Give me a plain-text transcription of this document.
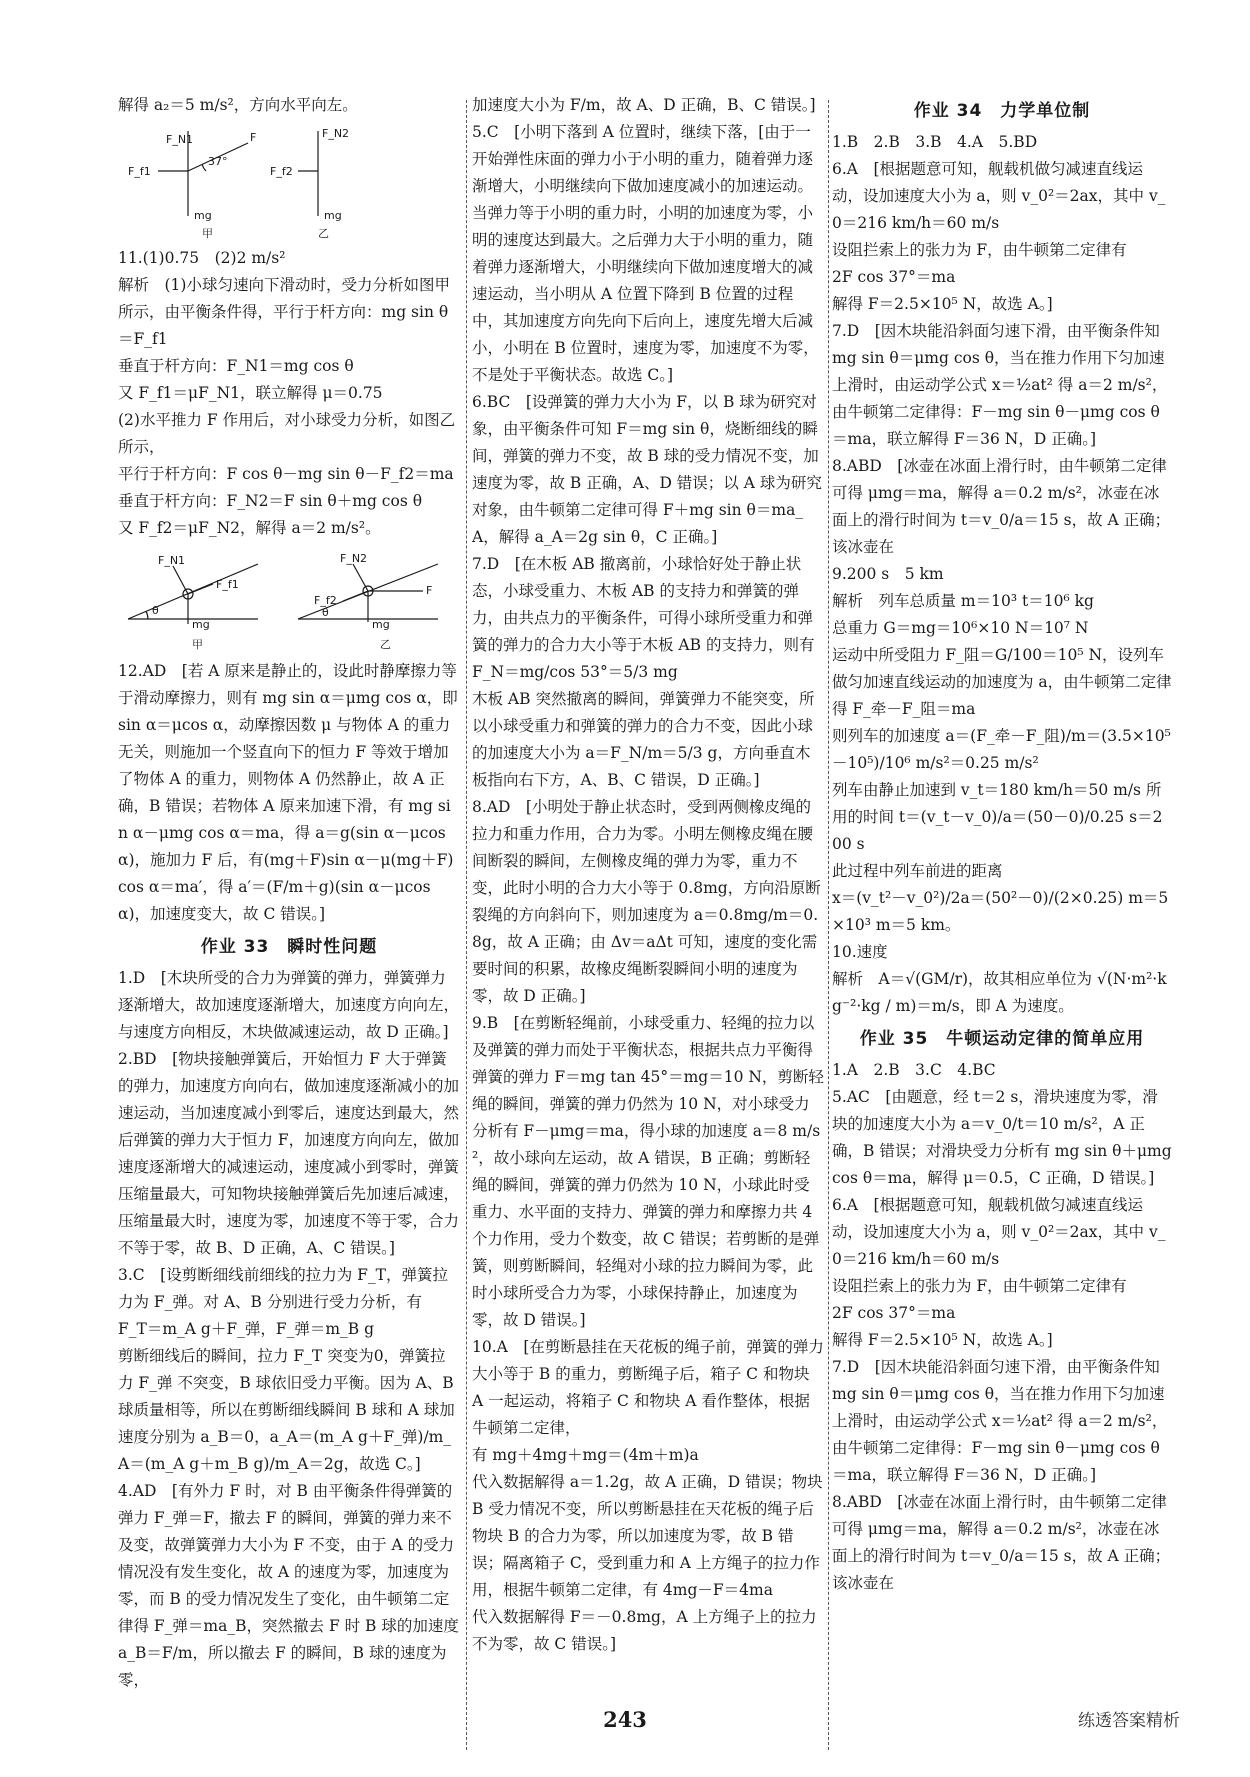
解得 a₂＝5 m/s²，方向水平向左。

F_N1	F
F_f1
37°
mg
甲
F_N2
F_f2
mg
乙

11.(1)0.75　(2)2 m/s²

解析　(1)小球匀速向下滑动时，受力分析如图甲所示，由平衡条件得，平行于杆方向：mg sin θ＝F_f1
垂直于杆方向：F_N1＝mg cos θ
又 F_f1＝μF_N1，联立解得 μ＝0.75
(2)水平推力 F 作用后，对小球受力分析，如图乙所示，
平行于杆方向：F cos θ－mg sin θ－F_f2＝ma
垂直于杆方向：F_N2＝F sin θ＋mg cos θ
又 F_f2＝μF_N2，解得 a＝2 m/s²。

F_N1
F_f1
θ
mg
甲
F_N2
F
F_f2
θ
mg
乙

12.AD　[若 A 原来是静止的，设此时静摩擦力等于滑动摩擦力，则有 mg sin α＝μmg cos α，即 sin α＝μcos α，动摩擦因数 μ 与物体 A 的重力无关，则施加一个竖直向下的恒力 F 等效于增加了物体 A 的重力，则物体 A 仍然静止，故 A 正确，B 错误；若物体 A 原来加速下滑，有 mg sin α－μmg cos α＝ma，得 a＝g(sin α－μcos α)，施加力 F 后，有(mg＋F)sin α－μ(mg＋F)cos α＝ma′，得 a′＝(F/m＋g)(sin α－μcos α)，加速度变大，故 C 错误。]

作业 33　瞬时性问题

1.D　[木块所受的合力为弹簧的弹力，弹簧弹力逐渐增大，故加速度逐渐增大，加速度方向向左，与速度方向相反，木块做减速运动，故 D 正确。]

2.BD　[物块接触弹簧后，开始恒力 F 大于弹簧的弹力，加速度方向向右，做加速度逐渐减小的加速运动，当加速度减小到零后，速度达到最大，然后弹簧的弹力大于恒力 F，加速度方向向左，做加速度逐渐增大的减速运动，速度减小到零时，弹簧压缩量最大，可知物块接触弹簧后先加速后减速，压缩量最大时，速度为零，加速度不等于零，合力不等于零，故 B、D 正确，A、C 错误。]

3.C　[设剪断细线前细线的拉力为 F_T，弹簧拉力为 F_弹。对 A、B 分别进行受力分析，有
F_T＝m_A g＋F_弹，F_弹＝m_B g
剪断细线后的瞬间，拉力 F_T 突变为0，弹簧拉力 F_弹 不突变，B 球依旧受力平衡。因为 A、B 球质量相等，所以在剪断细线瞬间 B 球和 A 球加速度分别为 a_B＝0，a_A＝(m_A g＋F_弹)/m_A＝(m_A g＋m_B g)/m_A＝2g，故选 C。]

4.AD　[有外力 F 时，对 B 由平衡条件得弹簧的弹力 F_弹＝F，撤去 F 的瞬间，弹簧的弹力来不及变，故弹簧弹力大小为 F 不变，由于 A 的受力情况没有发生变化，故 A 的速度为零，加速度为零，而 B 的受力情况发生了变化，由牛顿第二定律得 F_弹＝ma_B，突然撤去 F 时 B 球的加速度 a_B＝F/m，所以撤去 F 的瞬间，B 球的速度为零，

加速度大小为 F/m，故 A、D 正确，B、C 错误。]

5.C　[小明下落到 A 位置时，继续下落，[由于一开始弹性床面的弹力小于小明的重力，随着弹力逐渐增大，小明继续向下做加速度减小的加速运动。当弹力等于小明的重力时，小明的加速度为零，小明的速度达到最大。之后弹力大于小明的重力，随着弹力逐渐增大，小明继续向下做加速度增大的减速运动，当小明从 A 位置下降到 B 位置的过程中，其加速度方向先向下后向上，速度先增大后减小，小明在 B 位置时，速度为零，加速度不为零，不是处于平衡状态。故选 C。]

6.BC　[设弹簧的弹力大小为 F，以 B 球为研究对象，由平衡条件可知 F＝mg sin θ，烧断细线的瞬间，弹簧的弹力不变，故 B 球的受力情况不变，加速度为零，故 B 正确，A、D 错误；以 A 球为研究对象，由牛顿第二定律可得 F＋mg sin θ＝ma_A，解得 a_A＝2g sin θ，C 正确。]

7.D　[在木板 AB 撤离前，小球恰好处于静止状态，小球受重力、木板 AB 的支持力和弹簧的弹力，由共点力的平衡条件，可得小球所受重力和弹簧的弹力的合力大小等于木板 AB 的支持力，则有 F_N＝mg/cos 53°＝5/3 mg
木板 AB 突然撤离的瞬间，弹簧弹力不能突变，所以小球受重力和弹簧的弹力的合力不变，因此小球的加速度大小为 a＝F_N/m＝5/3 g，方向垂直木板指向右下方，A、B、C 错误，D 正确。]

8.AD　[小明处于静止状态时，受到两侧橡皮绳的拉力和重力作用，合力为零。小明左侧橡皮绳在腰间断裂的瞬间，左侧橡皮绳的弹力为零，重力不变，此时小明的合力大小等于 0.8mg，方向沿原断裂绳的方向斜向下，则加速度为 a＝0.8mg/m＝0.8g，故 A 正确；由 Δv＝aΔt 可知，速度的变化需要时间的积累，故橡皮绳断裂瞬间小明的速度为零，故 D 正确。]

9.B　[在剪断轻绳前，小球受重力、轻绳的拉力以及弹簧的弹力而处于平衡状态，根据共点力平衡得弹簧的弹力 F＝mg tan 45°＝mg＝10 N，剪断轻绳的瞬间，弹簧的弹力仍然为 10 N，对小球受力分析有 F－μmg＝ma，得小球的加速度 a＝8 m/s²，故小球向左运动，故 A 错误，B 正确；剪断轻绳的瞬间，弹簧的弹力仍然为 10 N，小球此时受重力、水平面的支持力、弹簧的弹力和摩擦力共 4 个力作用，受力个数变，故 C 错误；若剪断的是弹簧，则剪断瞬间，轻绳对小球的拉力瞬间为零，此时小球所受合力为零，小球保持静止，加速度为零，故 D 错误。]

10.A　[在剪断悬挂在天花板的绳子前，弹簧的弹力大小等于 B 的重力，剪断绳子后，箱子 C 和物块 A 一起运动，将箱子 C 和物块 A 看作整体，根据牛顿第二定律，
有 mg＋4mg＋mg＝(4m＋m)a
代入数据解得 a＝1.2g，故 A 正确，D 错误；物块 B 受力情况不变，所以剪断悬挂在天花板的绳子后物块 B 的合力为零，所以加速度为零，故 B 错误；隔离箱子 C，受到重力和 A 上方绳子的拉力作用，根据牛顿第二定律，有 4mg－F＝4ma
代入数据解得 F＝－0.8mg，A 上方绳子上的拉力不为零，故 C 错误。]

作业 34　力学单位制

1.B　2.B　3.B　4.A　5.BD

6.A　[根据题意可知，舰载机做匀减速直线运动，设加速度大小为 a，则 v_0²＝2ax，其中 v_0＝216 km/h＝60 m/s
设阻拦索上的张力为 F，由牛顿第二定律有
2F cos 37°＝ma
解得 F＝2.5×10⁵ N，故选 A。]

7.D　[因木块能沿斜面匀速下滑，由平衡条件知 mg sin θ＝μmg cos θ，当在推力作用下匀加速上滑时，由运动学公式 x＝½at² 得 a＝2 m/s²，由牛顿第二定律得：F－mg sin θ－μmg cos θ＝ma，联立解得 F＝36 N，D 正确。]

8.ABD　[冰壶在冰面上滑行时，由牛顿第二定律可得 μmg＝ma，解得 a＝0.2 m/s²，冰壶在冰面上的滑行时间为 t＝v_0/a＝15 s，故 A 正确；该冰壶在

9.200 s　5 km

解析　列车总质量 m＝10³ t＝10⁶ kg
总重力 G＝mg＝10⁶×10 N＝10⁷ N
运动中所受阻力 F_阻＝G/100＝10⁵ N，设列车做匀加速直线运动的加速度为 a，由牛顿第二定律得 F_牵－F_阻＝ma
则列车的加速度 a＝(F_牵－F_阻)/m＝(3.5×10⁵－10⁵)/10⁶ m/s²＝0.25 m/s²
列车由静止加速到 v_t＝180 km/h＝50 m/s 所用的时间 t＝(v_t－v_0)/a＝(50－0)/0.25 s＝200 s
此过程中列车前进的距离
x＝(v_t²－v_0²)/2a＝(50²－0)/(2×0.25) m＝5×10³ m＝5 km。

10.速度

解析　A＝√(GM/r)，故其相应单位为 √(N·m²·kg⁻²·kg / m)＝m/s，即 A 为速度。

作业 35　牛顿运动定律的简单应用

1.A　2.B　3.C　4.BC

5.AC　[由题意，经 t＝2 s，滑块速度为零，滑块的加速度大小为 a＝v_0/t＝10 m/s²，A 正确，B 错误；对滑块受力分析有 mg sin θ＋μmg cos θ＝ma，解得 μ＝0.5，C 正确，D 错误。]

6.A　[根据题意可知，舰载机做匀减速直线运动，设加速度大小为 a，则 v_0²＝2ax，其中 v_0＝216 km/h＝60 m/s
设阻拦索上的张力为 F，由牛顿第二定律有
2F cos 37°＝ma
解得 F＝2.5×10⁵ N，故选 A。]

7.D　[因木块能沿斜面匀速下滑，由平衡条件知 mg sin θ＝μmg cos θ，当在推力作用下匀加速上滑时，由运动学公式 x＝½at² 得 a＝2 m/s²，由牛顿第二定律得：F－mg sin θ－μmg cos θ＝ma，联立解得 F＝36 N，D 正确。]

8.ABD　[冰壶在冰面上滑行时，由牛顿第二定律可得 μmg＝ma，解得 a＝0.2 m/s²，冰壶在冰面上的滑行时间为 t＝v_0/a＝15 s，故 A 正确；该冰壶在

243	练透答案精析
